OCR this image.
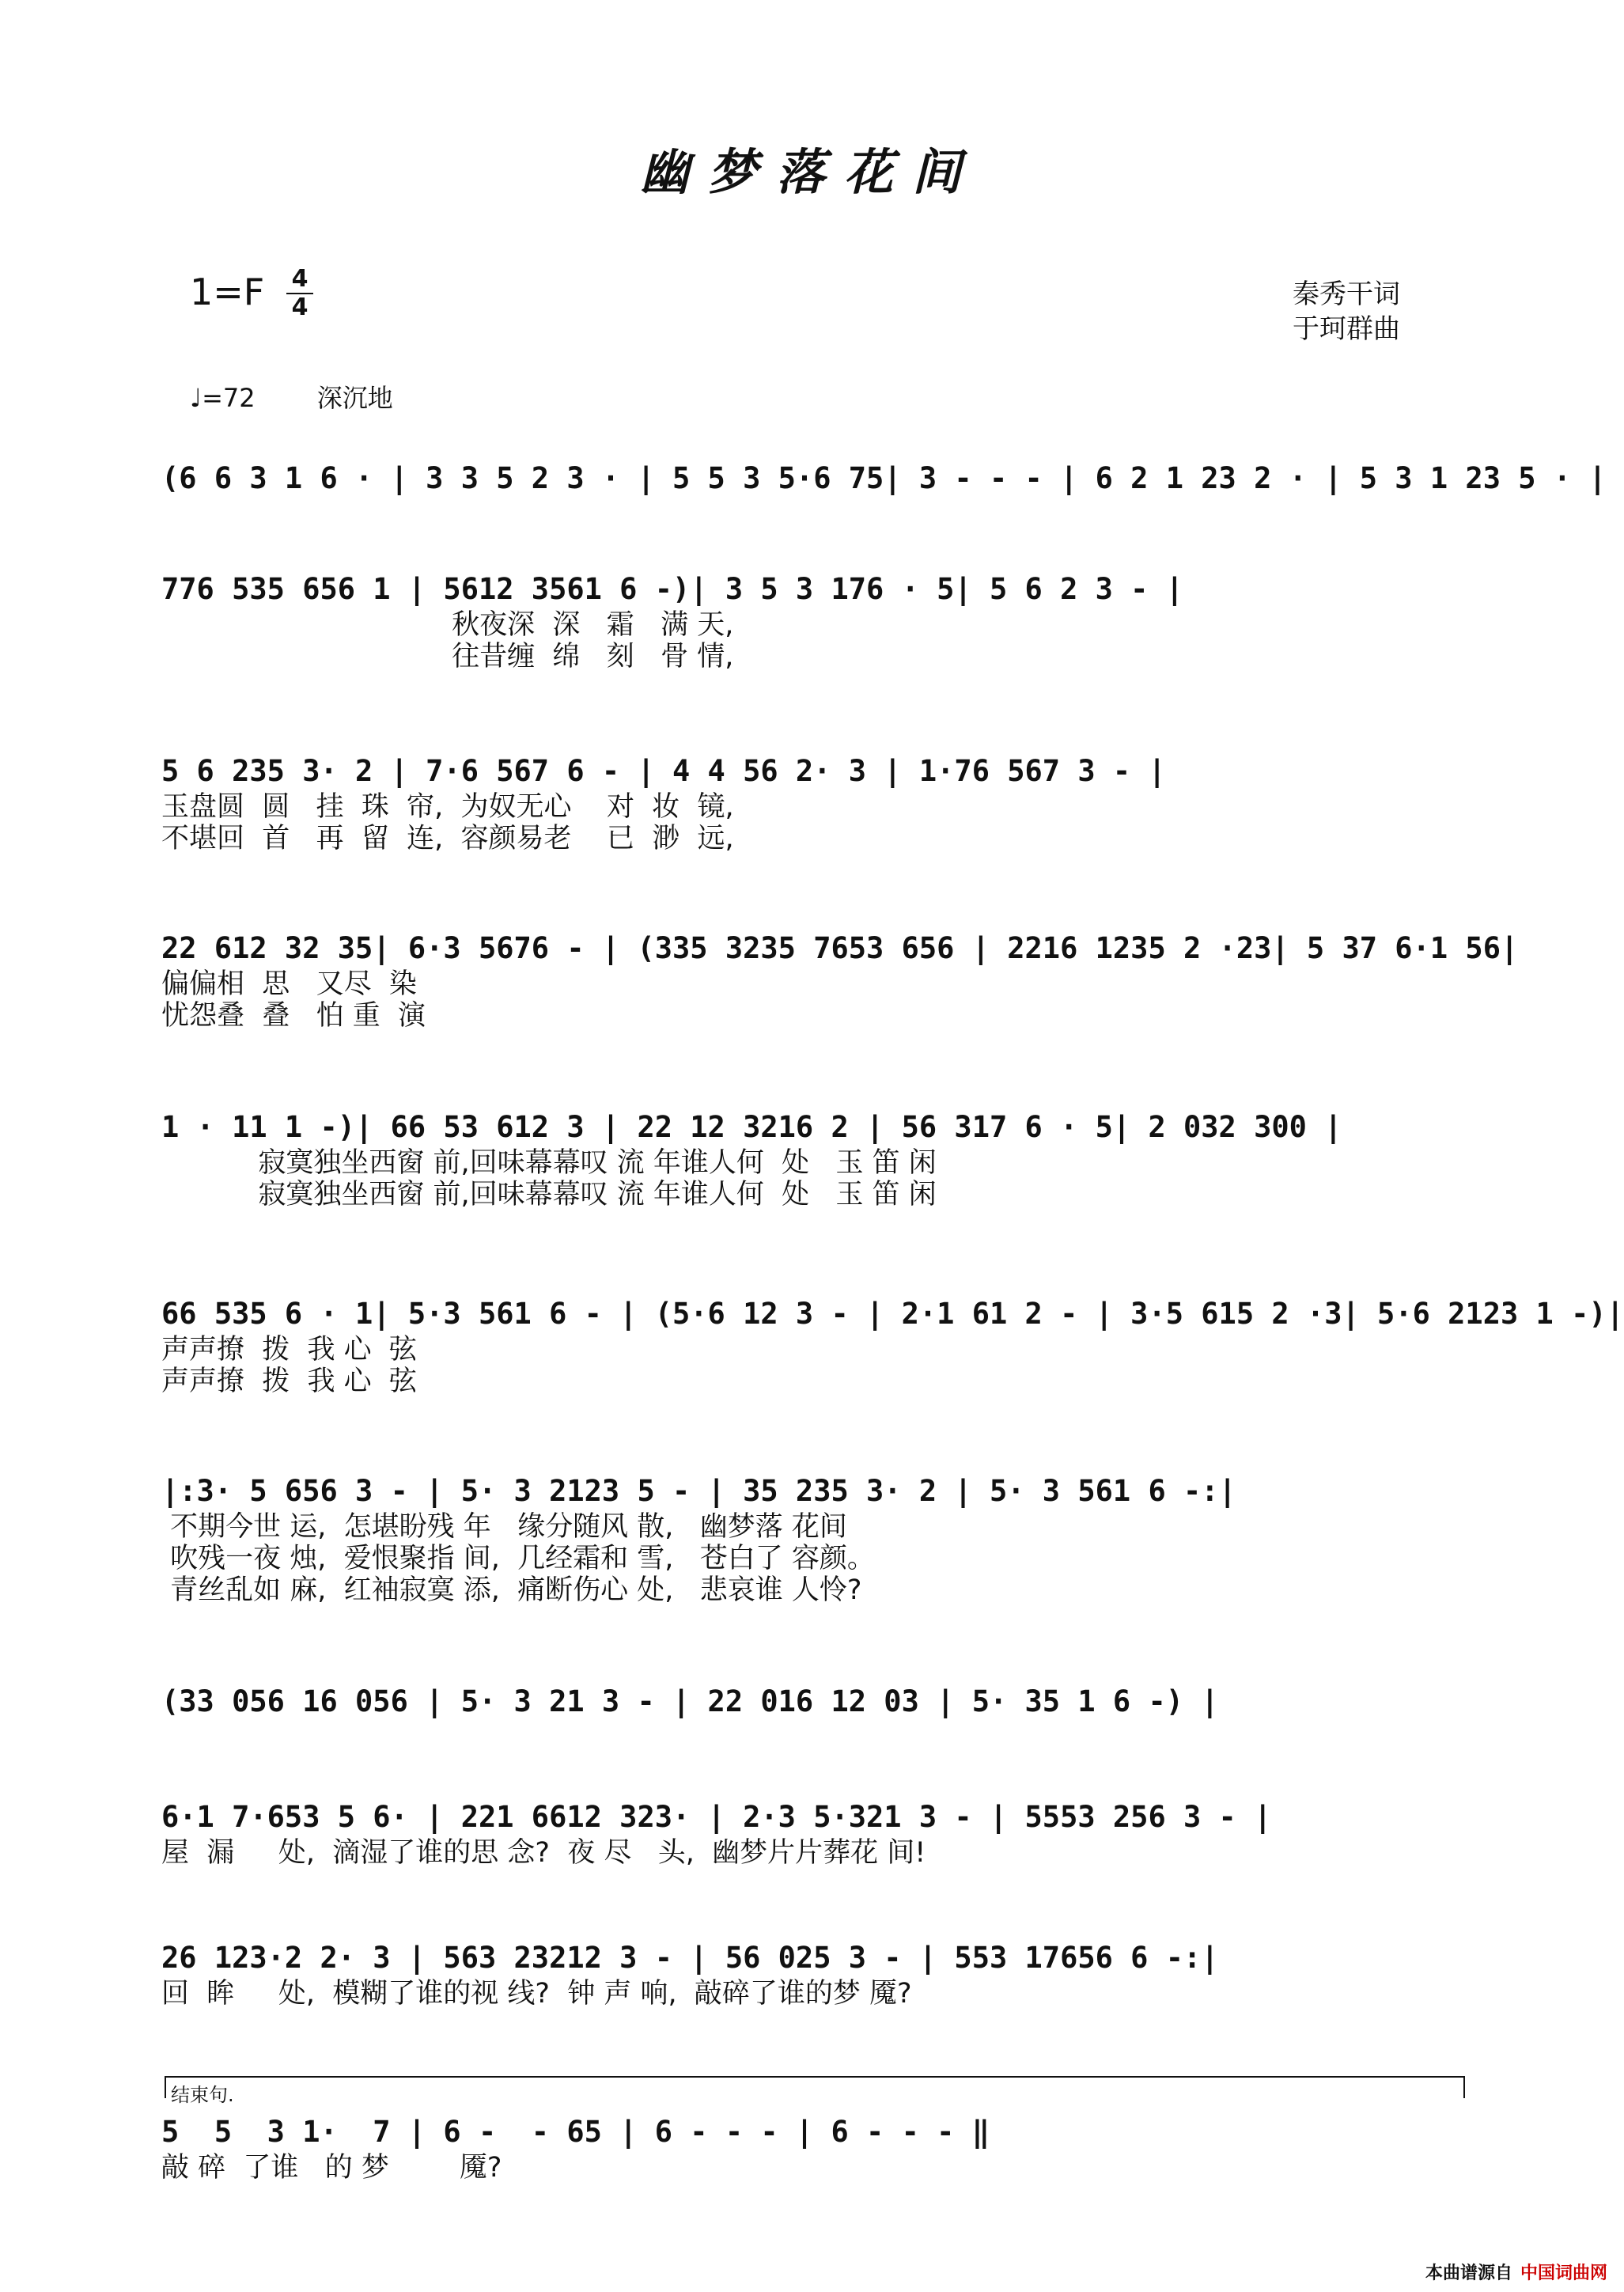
幽梦落花间
1=F 4
4	秦秀干词
于珂群曲
♩=72 深沉地
(6 6 3 1 6 · | 3 3 5 2 3 · | 5 5 3 5·6 75| 3 - - - | 6 2 1 23 2 · | 5 3 1 23 5 · |
776 535 656 1 | 5612 3561 6 -)| 3 5 3 176 · 5| 5 6 2 3 - |
秋夜深  深   霜   满 天,
往昔缠  绵   刻   骨 情,
5 6 235 3· 2 | 7·6 567 6 - | 4 4 56 2· 3 | 1·76 567 3 - |
玉盘圆  圆   挂  珠  帘,  为奴无心    对  妆  镜,
不堪回  首   再  留  连,  容颜易老    已  渺  远,
22 612 32 35| 6·3 5676 - | (335 3235 7653 656 | 2216 1235 2 ·23| 5 37 6·1 56|
偏偏相  思   又尽  染
忧怨叠  叠   怕 重  演
1 · 11 1 -)| 66 53 612 3 | 22 12 3216 2 | 56 317 6 · 5| 2 032 300 |
寂寞独坐西窗 前,回味幕幕叹 流 年谁人何  处   玉 笛 闲
寂寞独坐西窗 前,回味幕幕叹 流 年谁人何  处   玉 笛 闲
66 535 6 · 1| 5·3 561 6 - | (5·6 12 3 - | 2·1 61 2 - | 3·5 615 2 ·3| 5·6 2123 1 -)|
声声撩  拨  我 心  弦
声声撩  拨  我 心  弦
|:3· 5 656 3 - | 5· 3 2123 5 - | 35 235 3· 2 | 5· 3 561 6 -:|
不期今世 运,  怎堪盼残 年   缘分随风 散,   幽梦落 花间
吹残一夜 烛,  爱恨聚指 间,  几经霜和 雪,   苍白了 容颜。
青丝乱如 麻,  红袖寂寞 添,  痛断伤心 处,   悲哀谁 人怜?
(33 056 16 056 | 5· 3 21 3 - | 22 016 12 03 | 5· 35 1 6 -) |
6·1 7·653 5 6· | 221 6612 323· | 2·3 5·321 3 - | 5553 256 3 - |
屋  漏     处,  滴湿了谁的思 念?  夜 尽   头,  幽梦片片葬花 间!
26 123·2 2· 3 | 563 23212 3 - | 56 025 3 - | 553 17656 6 -:|
回  眸     处,  模糊了谁的视 线?  钟 声 响,  敲碎了谁的梦 魇?
结束句.
5  5  3 1·  7 | 6 -  - 65 | 6 - - - | 6 - - - ‖
敲 碎  了谁   的 梦        魇?
本曲谱源自 中国词曲网
